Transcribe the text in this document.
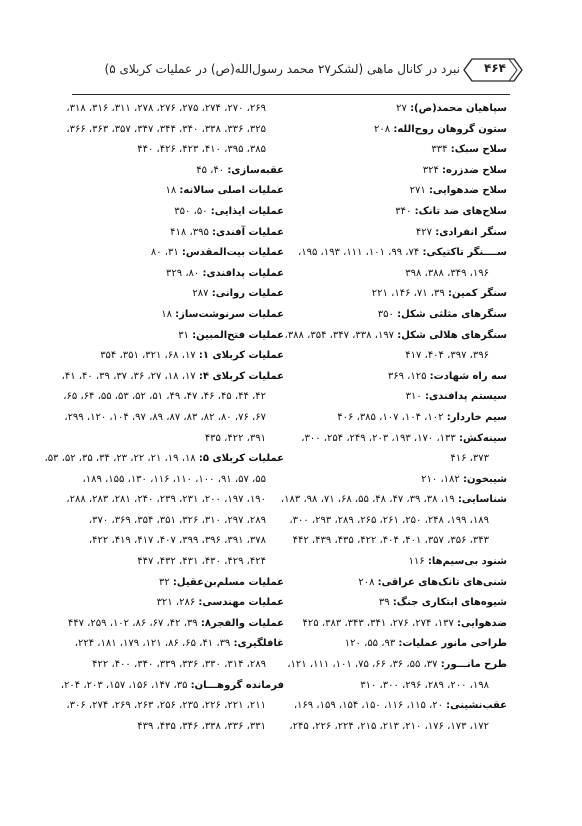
۴۶۴
نبرد در کانال ماهی (لشکر۲۷ محمد رسول‌الله(ص) در عملیات کربلای ۵)
سپاهیان محمد(ص): ۲۷
ستون گروهان روح‌الله: ۲۰۸
سلاح سبک: ۳۳۴
سلاح ضدزره: ۳۲۴
سلاح ضدهوایی: ۲۷۱
سلاح‌های ضد تانک: ۳۴۰
سنگر انفرادی: ۴۲۷
ســــنگر تاکتیکی: ۷۴، ۹۹، ۱۰۱، ۱۱۱، ۱۹۳، ۱۹۵،
۱۹۶، ۳۴۹، ۳۸۸، ۳۹۸
سنگر کمین: ۳۹، ۷۱، ۱۴۶، ۲۲۱
سنگرهای مثلثی شکل: ۳۵۰
سنگرهای هلالی شکل: ۱۹۷، ۳۳۸، ۳۴۷، ۳۵۴، ۳۸۸،
۳۹۶، ۳۹۷، ۴۰۴، ۴۱۷
سه راه شهادت: ۱۲۵، ۳۶۹
سیستم پدافندی: ۳۱۰
سیم خاردار: ۱۰۲، ۱۰۴، ۱۰۷، ۳۸۵، ۴۰۶
سینه‌کش: ۱۳۳، ۱۷۰، ۱۹۳، ۲۰۳، ۲۴۹، ۲۵۴، ۳۰۰،
۳۷۳، ۴۱۶
شیبخون: ۱۸۲، ۲۱۰
شناسایی: ۱۹، ۳۸، ۳۹، ۴۷، ۴۸، ۵۵، ۶۸، ۷۱، ۹۸، ۱۸۳،
۱۸۹، ۱۹۹، ۲۴۸، ۲۵۰، ۲۶۱، ۲۶۵، ۲۸۹، ۲۹۳، ۳۰۰،
۳۴۳، ۳۵۶، ۳۵۷، ۴۰۱، ۴۰۴، ۴۲۲، ۴۳۵، ۴۳۹، ۴۴۲
شنود بی‌سیم‌ها: ۱۱۶
شنی‌های تانک‌های عراقی: ۲۰۸
شیوه‌های ابتکاری جنگ: ۳۹
ضدهوایی: ۱۳۷، ۲۷۴، ۲۷۶، ۳۴۱، ۳۴۳، ۳۸۳، ۴۲۵
طراحی مانور عملیات: ۹۳، ۵۵، ۱۲۰
طرح مانـــور: ۳۷، ۵۵، ۳۶، ۶۶، ۷۵، ۱۰۱، ۱۱۱، ۱۲۱،
۱۹۸، ۲۰۰، ۲۸۹، ۲۹۶، ۳۰۰، ۳۱۰
عقب‌نشینی: ۲۰، ۱۱۵، ۱۱۶، ۱۵۰، ۱۵۴، ۱۵۹، ۱۶۹،
۱۷۲، ۱۷۳، ۱۷۶، ۲۱۰، ۲۱۳، ۲۱۵، ۲۲۴، ۲۲۶، ۲۴۵،
۲۶۹، ۲۷۰، ۲۷۴، ۲۷۵، ۲۷۶، ۲۷۸، ۳۱۱، ۳۱۶، ۳۱۸،
۳۲۵، ۳۳۶، ۳۳۸، ۳۴۰، ۳۴۴، ۳۴۷، ۳۵۷، ۳۶۳، ۳۶۶،
۳۸۵، ۳۹۵، ۴۱۰، ۴۲۳، ۴۲۶، ۴۴۰
عقبه‌سازی: ۴۰، ۴۵
عملیات اصلی سالانه: ۱۸
عملیات ایذایی: ۵۰، ۳۵۰
عملیات آفندی: ۳۹۵، ۴۱۸
عملیات بیت‌المقدس: ۳۱، ۸۰
عملیات پدافندی: ۸۰، ۳۲۹
عملیات روانی: ۲۸۷
عملیات سرنوشت‌ساز: ۱۸
عملیات فتح‌المبین: ۳۱
عملیات کربلای ۱: ۱۷، ۶۸، ۳۲۱، ۳۵۱، ۳۵۴
عملیات کربلای ۴: ۱۷، ۱۸، ۲۷، ۳۶، ۳۷، ۳۹، ۴۰، ۴۱،
۴۲، ۴۴، ۴۵، ۴۶، ۴۷، ۴۹، ۵۱، ۵۲، ۵۳، ۵۵، ۶۴، ۶۵،
۶۷، ۷۶، ۸۰، ۸۲، ۸۳، ۸۷، ۸۹، ۹۷، ۱۰۴، ۱۲۰، ۲۹۹،
۳۹۱، ۴۲۲، ۴۳۵
عملیات کربلای ۵: ۱۸، ۱۹، ۲۱، ۲۲، ۲۳، ۳۴، ۳۵، ۵۲، ۵۳،
۵۵، ۵۷، ۹۱، ۱۰۰، ۱۱۰، ۱۱۶، ۱۳۰، ۱۵۵، ۱۸۹،
۱۹۰، ۱۹۷، ۲۰۰، ۲۳۱، ۲۳۹، ۲۴۰، ۲۸۱، ۲۸۳، ۲۸۸،
۲۸۹، ۲۹۷، ۳۱۰، ۳۲۶، ۳۵۱، ۳۵۴، ۳۶۹، ۳۷۰،
۳۷۸، ۳۹۱، ۳۹۶، ۳۹۹، ۴۰۷، ۴۱۷، ۴۱۹، ۴۲۲،
۴۲۴، ۴۲۹، ۴۳۰، ۴۳۱، ۴۳۲، ۴۴۷
عملیات مسلم‌بن‌عقیل: ۳۲
عملیات مهندسی: ۲۸۶، ۳۲۱
عملیات والفجر۸: ۳۹، ۴۲، ۶۷، ۸۶، ۱۰۲، ۲۵۹، ۴۴۷
غافلگیری: ۳۹، ۴۱، ۶۵، ۸۶، ۱۲۱، ۱۷۹، ۱۸۱، ۲۲۴،
۲۸۹، ۳۱۴، ۳۳۰، ۳۳۶، ۳۳۹، ۳۴۰، ۴۰۰، ۴۲۲
فرمانده گروهـــان: ۳۵، ۱۴۷، ۱۵۶، ۱۵۷، ۲۰۳، ۲۰۴،
۲۱۱، ۲۲۱، ۲۲۶، ۲۳۵، ۲۵۶، ۲۶۳، ۲۶۹، ۲۷۴، ۳۰۶،
۳۳۱، ۳۳۶، ۳۳۸، ۳۴۶، ۴۳۵، ۴۳۹
